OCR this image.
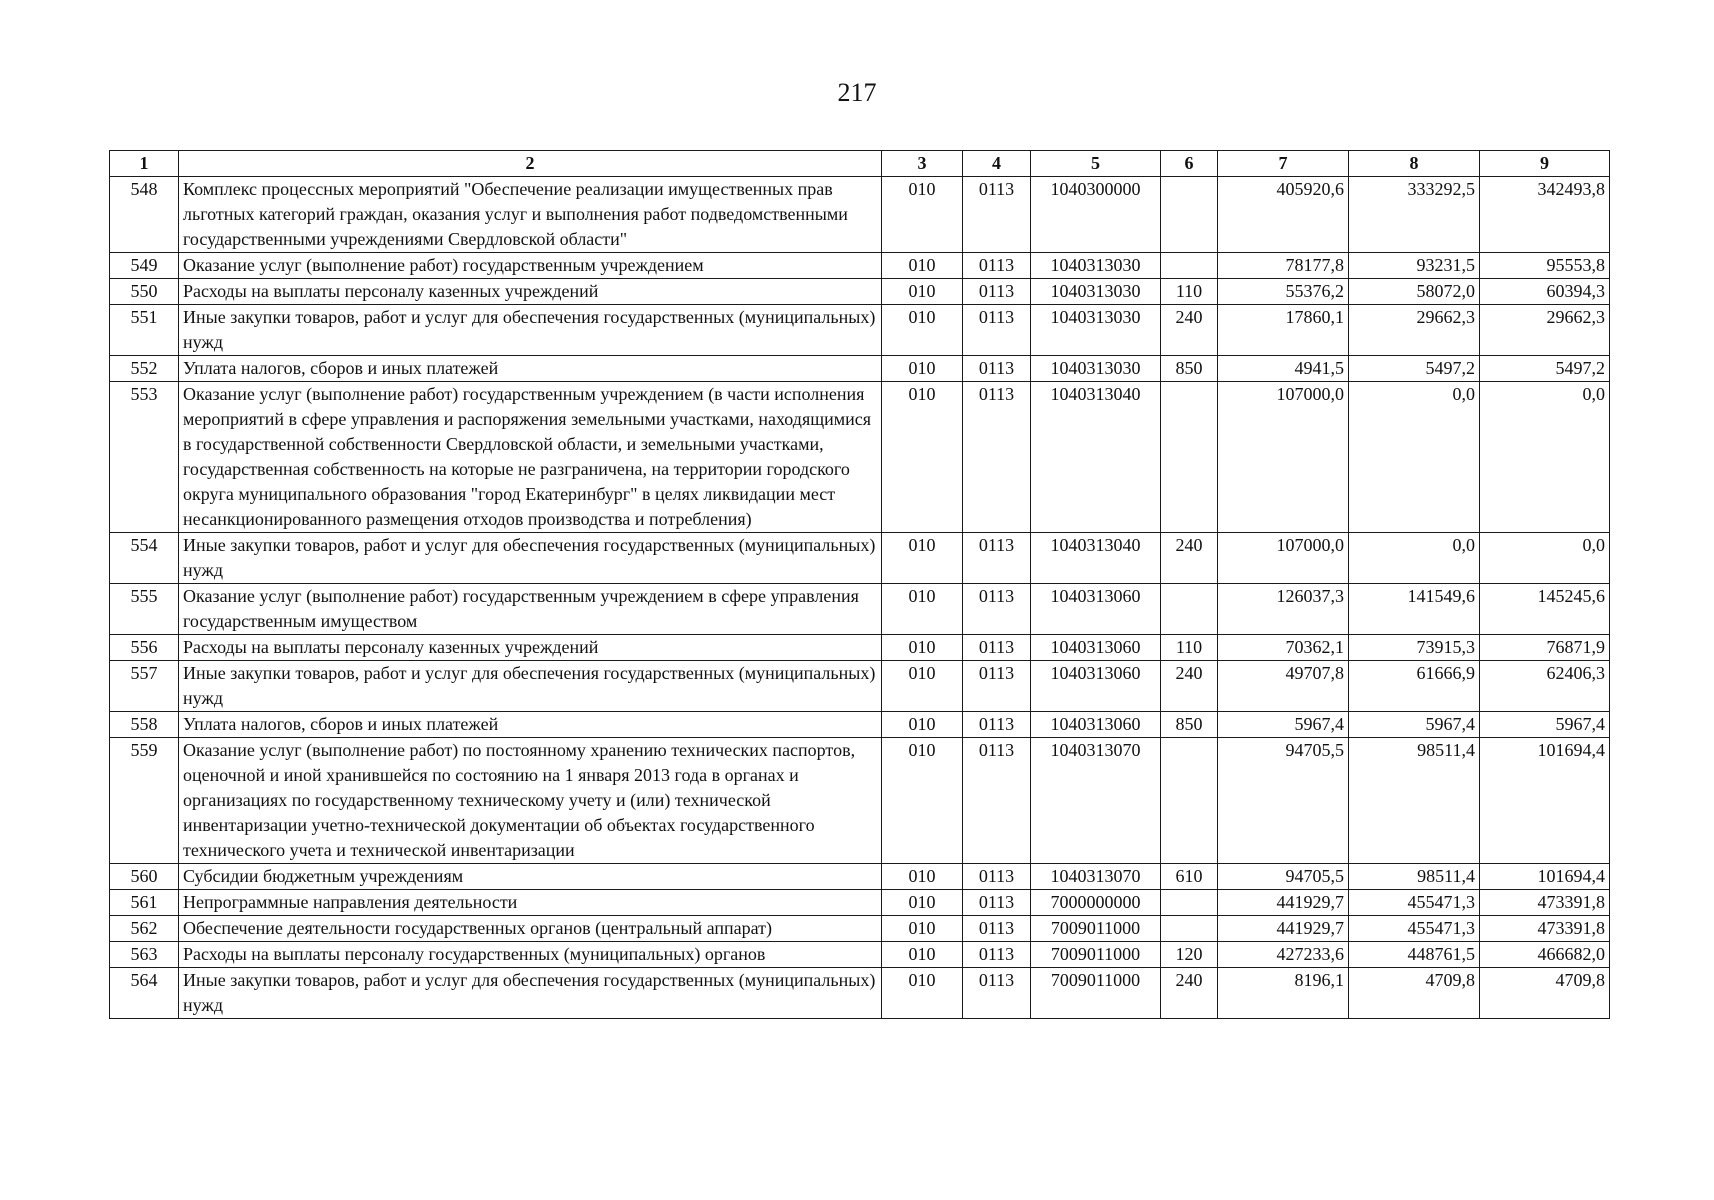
217
1	2	3	4	5	6	7	8	9
548	Комплекс процессных мероприятий "Обеспечение реализации имущественных прав льготных категорий граждан, оказания услуг и выполнения работ подведомственными государственными учреждениями Свердловской области"	010	0113	1040300000		405920,6	333292,5	342493,8
549	Оказание услуг (выполнение работ) государственным учреждением	010	0113	1040313030		78177,8	93231,5	95553,8
550	Расходы на выплаты персоналу казенных учреждений	010	0113	1040313030	110	55376,2	58072,0	60394,3
551	Иные закупки товаров, работ и услуг для обеспечения государственных (муниципальных) нужд	010	0113	1040313030	240	17860,1	29662,3	29662,3
552	Уплата налогов, сборов и иных платежей	010	0113	1040313030	850	4941,5	5497,2	5497,2
553	Оказание услуг (выполнение работ) государственным учреждением (в части исполнения мероприятий в сфере управления и распоряжения земельными участками, находящимися в государственной собственности Свердловской области, и земельными участками, государственная собственность на которые не разграничена, на территории городского округа муниципального образования "город Екатеринбург" в целях ликвидации мест несанкционированного размещения отходов производства и потребления)	010	0113	1040313040		107000,0	0,0	0,0
554	Иные закупки товаров, работ и услуг для обеспечения государственных (муниципальных) нужд	010	0113	1040313040	240	107000,0	0,0	0,0
555	Оказание услуг (выполнение работ) государственным учреждением в сфере управления государственным имуществом	010	0113	1040313060		126037,3	141549,6	145245,6
556	Расходы на выплаты персоналу казенных учреждений	010	0113	1040313060	110	70362,1	73915,3	76871,9
557	Иные закупки товаров, работ и услуг для обеспечения государственных (муниципальных) нужд	010	0113	1040313060	240	49707,8	61666,9	62406,3
558	Уплата налогов, сборов и иных платежей	010	0113	1040313060	850	5967,4	5967,4	5967,4
559	Оказание услуг (выполнение работ) по постоянному хранению технических паспортов, оценочной и иной хранившейся по состоянию на 1 января 2013 года в органах и организациях по государственному техническому учету и (или) технической инвентаризации учетно-технической документации об объектах государственного технического учета и технической инвентаризации	010	0113	1040313070		94705,5	98511,4	101694,4
560	Субсидии бюджетным учреждениям	010	0113	1040313070	610	94705,5	98511,4	101694,4
561	Непрограммные направления деятельности	010	0113	7000000000		441929,7	455471,3	473391,8
562	Обеспечение деятельности государственных органов (центральный аппарат)	010	0113	7009011000		441929,7	455471,3	473391,8
563	Расходы на выплаты персоналу государственных (муниципальных) органов	010	0113	7009011000	120	427233,6	448761,5	466682,0
564	Иные закупки товаров, работ и услуг для обеспечения государственных (муниципальных) нужд	010	0113	7009011000	240	8196,1	4709,8	4709,8
